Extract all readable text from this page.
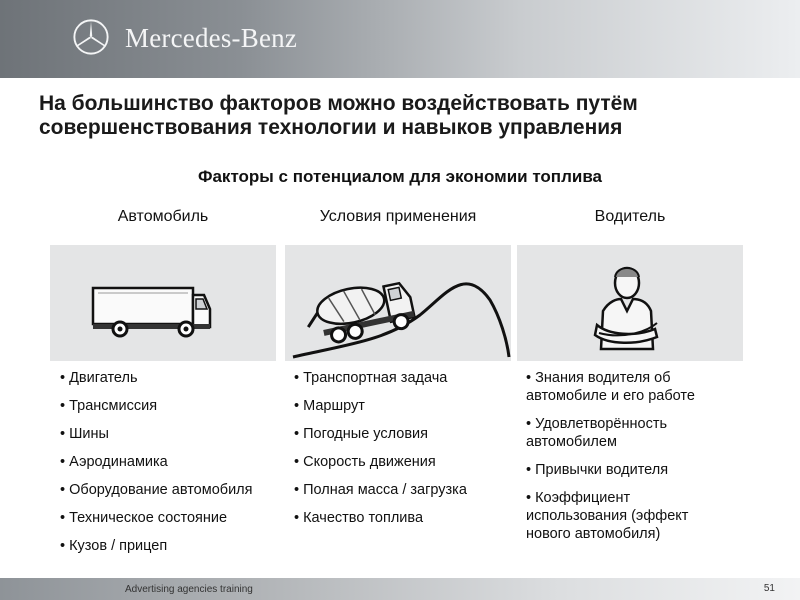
Mercedes-Benz
На большинство факторов можно воздействовать путём
совершенствования технологии и навыков управления
Факторы с потенциалом для экономии топлива
Автомобиль
• Двигатель
• Трансмиссия
• Шины
• Аэродинамика
• Оборудование автомобиля
• Техническое состояние
• Кузов / прицеп
Условия применения
• Транспортная задача
• Маршрут
• Погодные условия
• Скорость движения
• Полная масса / загрузка
• Качество топлива
Водитель
• Знания водителя об автомобиле и его работе
• Удовлетворённость автомобилем
• Привычки водителя
• Коэффициент использования (эффект нового автомобиля)
Advertising agencies training	51
